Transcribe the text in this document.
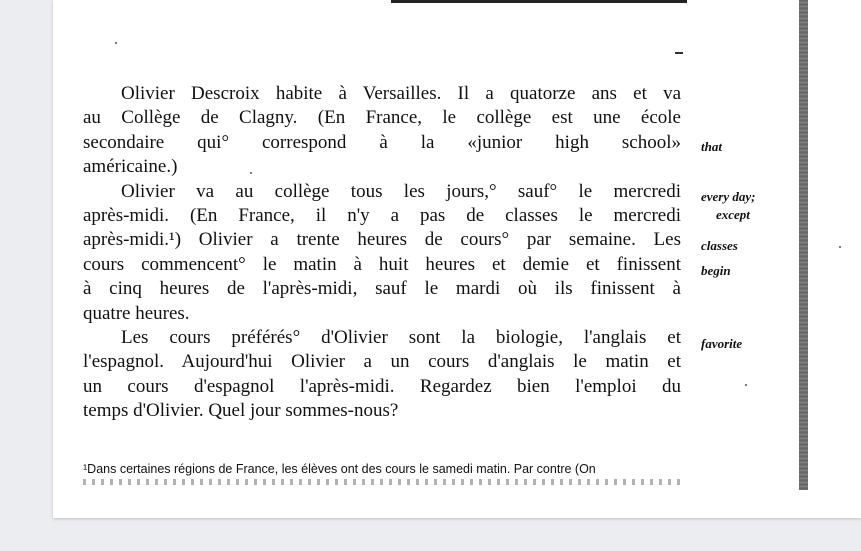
Olivier Descroix habite à Versailles. Il a quatorze ans et va
au Collège de Clagny. (En France, le collège est une école
secondaire qui° correspond à la «junior high school»
américaine.)
Olivier va au collège tous les jours,° sauf° le mercredi
après-midi. (En France, il n'y a pas de classes le mercredi
après-midi.¹) Olivier a trente heures de cours° par semaine. Les
cours commencent° le matin à huit heures et demie et finissent
à cinq heures de l'après-midi, sauf le mardi où ils finissent à
quatre heures.
Les cours préférés° d'Olivier sont la biologie, l'anglais et
l'espagnol. Aujourd'hui Olivier a un cours d'anglais le matin et
un cours d'espagnol l'après-midi. Regardez bien l'emploi du
temps d'Olivier. Quel jour sommes-nous?
that
every day;
except
classes
begin
favorite
¹Dans certaines régions de France, les élèves ont des cours le samedi matin. Par contre (On
